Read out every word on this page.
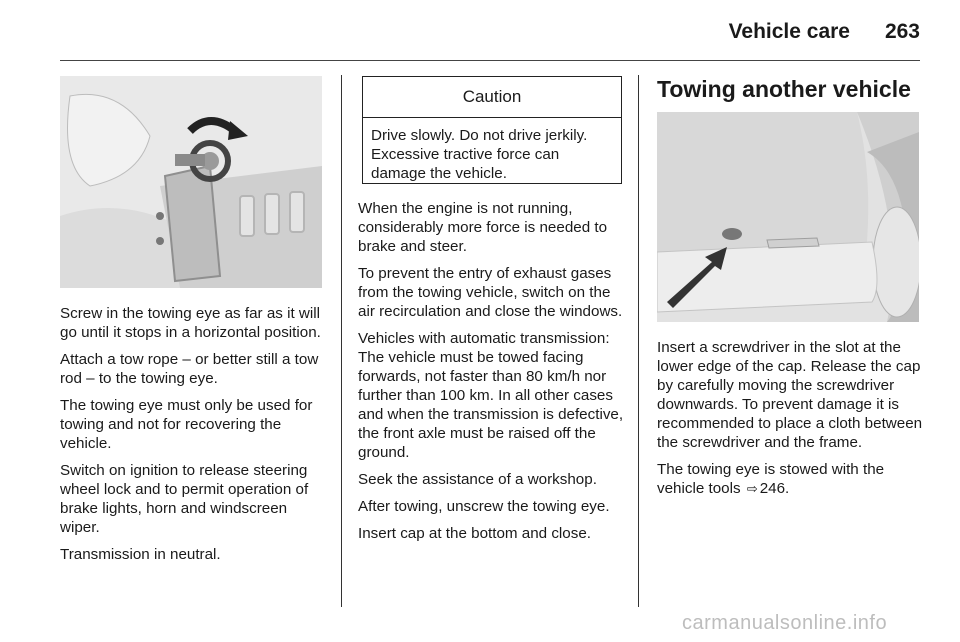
Vehicle care	263

Screw in the towing eye as far as it will go until it stops in a horizontal position.

Attach a tow rope – or better still a tow rod – to the towing eye.

The towing eye must only be used for towing and not for recovering the vehicle.

Switch on ignition to release steering wheel lock and to permit operation of brake lights, horn and windscreen wiper.

Transmission in neutral.

Caution
Drive slowly. Do not drive jerkily. Excessive tractive force can damage the vehicle.

When the engine is not running, considerably more force is needed to brake and steer.

To prevent the entry of exhaust gases from the towing vehicle, switch on the air recirculation and close the windows.

Vehicles with automatic transmission: The vehicle must be towed facing forwards, not faster than 80 km/h nor further than 100 km. In all other cases and when the transmission is defective, the front axle must be raised off the ground.

Seek the assistance of a workshop.

After towing, unscrew the towing eye.

Insert cap at the bottom and close.

Towing another vehicle

Insert a screwdriver in the slot at the lower edge of the cap. Release the cap by carefully moving the screwdriver downwards. To prevent damage it is recommended to place a cloth between the screwdriver and the frame.

The towing eye is stowed with the vehicle tools ⇨ 246.

carmanualsonline.info
